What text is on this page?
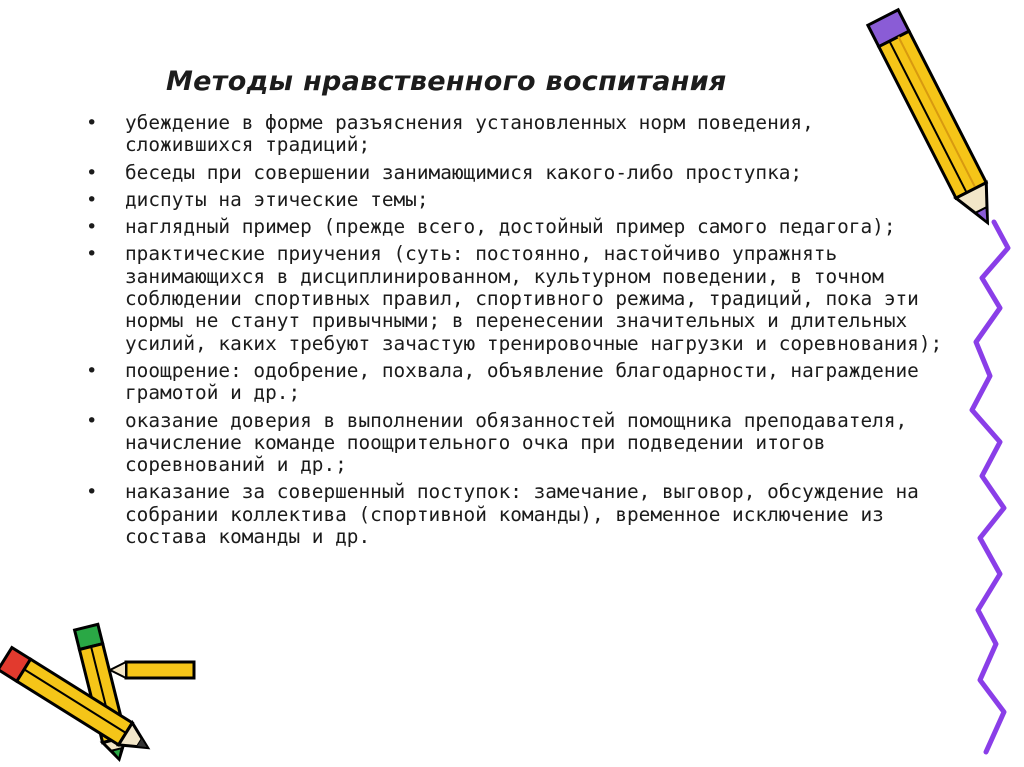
Методы нравственного воспитания
• убеждение в форме разъяснения установленных норм поведения, сложившихся традиций;
• беседы при совершении занимающимися какого-либо проступка;
• диспуты на этические темы;
• наглядный пример (прежде всего, достойный пример самого педагога);
• практические приучения (суть: постоянно, настойчиво упражнять занимающихся в дисциплинированном, культурном поведении, в точном соблюдении спортивных правил, спортивного режима, традиций, пока эти нормы не станут привычными; в перенесении значительных и длительных усилий, каких требуют зачастую тренировочные нагрузки и соревнования);
• поощрение: одобрение, похвала, объявление благодарности, награждение грамотой и др.;
• оказание доверия в выполнении обязанностей помощника преподавателя, начисление команде поощрительного очка при подведении итогов соревнований и др.;
• наказание за совершенный поступок: замечание, выговор, обсуждение на собрании коллектива (спортивной команды), временное исключение из состава команды и др.
